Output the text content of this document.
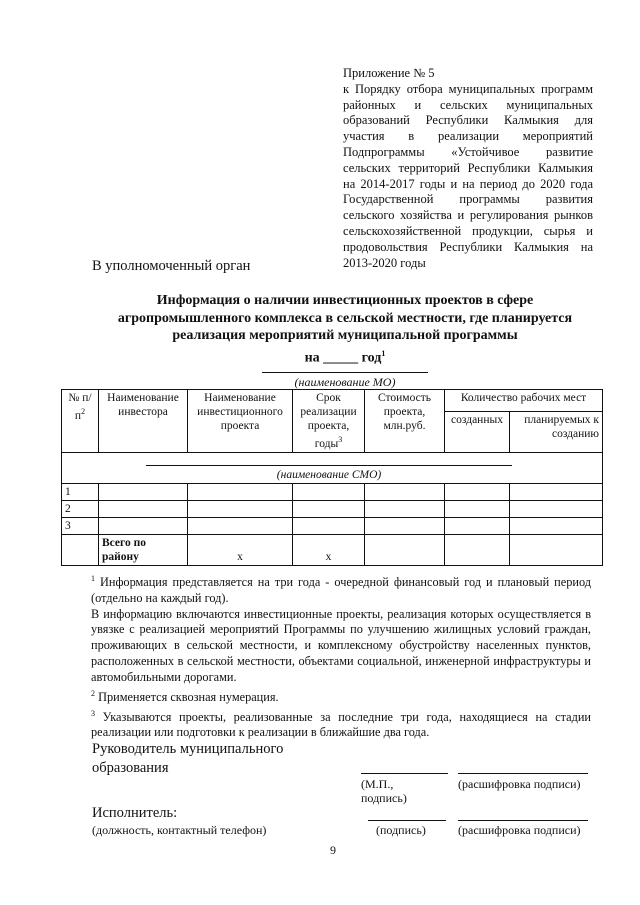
Приложение № 5
к Порядку отбора муниципальных программ районных и сельских муниципальных образований Республики Калмыкия для участия в реализации мероприятий Подпрограммы «Устойчивое развитие сельских территорий Республики Калмыкия на 2014-2017 годы и на период до 2020 года Государственной программы развития сельского хозяйства и регулирования рынков сельскохозяйственной продукции, сырья и продовольствия Республики Калмыкия на 2013-2020 годы
В уполномоченный орган
Информация о наличии инвестиционных проектов в сфере
агропромышленного комплекса в сельской местности, где планируется
реализация мероприятий муниципальной программы
на _____ год$^1$
(наименование МО)
№ $п/п^2$	Наименование инвестора	Наименование инвестиционного проекта	Срок реализации проекта, годы$^3$	Стоимость проекта, млн.руб.	Количество рабочих мест	
					созданных	планируемых к созданию

(наименование СМО)						

1						
2						
3						
	Всего по району	x	x			

$^1$ Информация представляется на три года - очередной финансовый год и плановый период (отдельно на каждый год).

В информацию включаются инвестиционные проекты, реализация которых осуществляется в увязке с реализацией мероприятий Программы по улучшению жилищных условий граждан, проживающих в сельской местности, и комплексному обустройству населенных пунктов, расположенных в сельской местности, объектами социальной, инженерной инфраструктуры и автомобильными дорогами.

$^2$ Применяется сквозная нумерация.

$^3$ Указываются проекты, реализованные за последние три года, находящиеся на стадии реализации или подготовки к реализации в ближайшие два года.

Руководитель муниципального
образования
(М.П., подпись)
(расшифровка подписи)
Исполнитель:
(должность, контактный телефон)	(подпись)	(расшифровка подписи)
9
